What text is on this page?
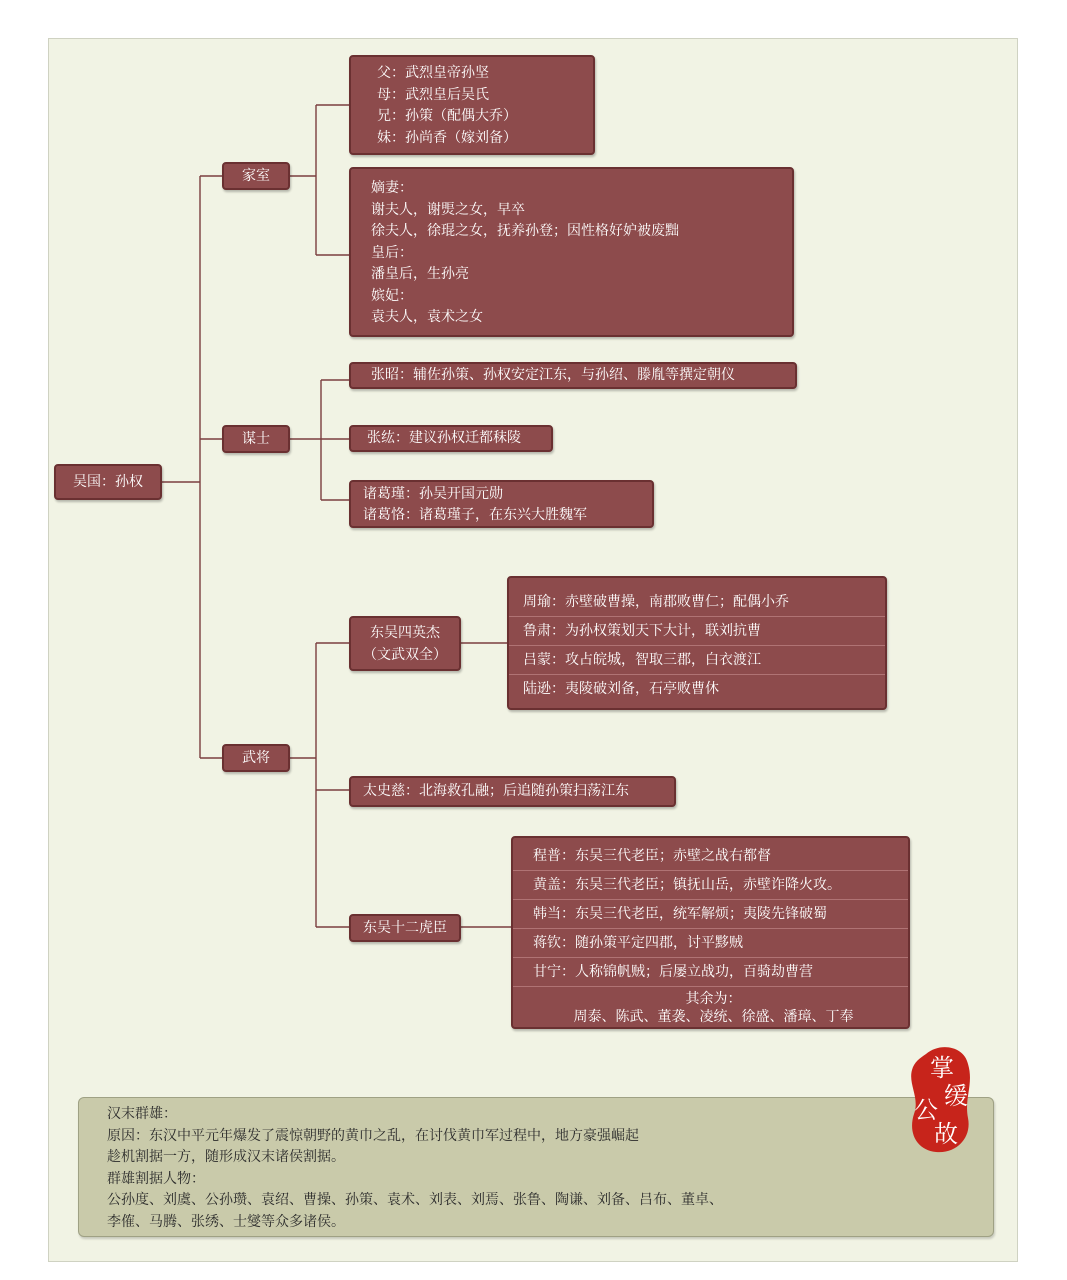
吴国：孙权
家室
谋士
武将
父：武烈皇帝孙坚
母：武烈皇后吴氏
兄：孙策（配偶大乔）
妹：孙尚香（嫁刘备）
嫡妻：
谢夫人，谢煚之女，早卒
徐夫人，徐琨之女，抚养孙登；因性格好妒被废黜
皇后：
潘皇后，生孙亮
嫔妃：
袁夫人，袁术之女
张昭：辅佐孙策、孙权安定江东，与孙绍、滕胤等撰定朝仪
张纮：建议孙权迁都秣陵
诸葛瑾：孙吴开国元勋
诸葛恪：诸葛瑾子，在东兴大胜魏军
东吴四英杰
（文武双全）
周瑜：赤壁破曹操，南郡败曹仁；配偶小乔
鲁肃：为孙权策划天下大计，联刘抗曹
吕蒙：攻占皖城，智取三郡，白衣渡江
陆逊：夷陵破刘备，石亭败曹休
太史慈：北海救孔融；后追随孙策扫荡江东
东吴十二虎臣
程普：东吴三代老臣；赤壁之战右都督
黄盖：东吴三代老臣；镇抚山岳，赤壁诈降火攻。
韩当：东吴三代老臣，统军解烦；夷陵先锋破蜀
蒋钦：随孙策平定四郡，讨平黟贼
甘宁：人称锦帆贼；后屡立战功，百骑劫曹营
其余为：
周泰、陈武、董袭、凌统、徐盛、潘璋、丁奉
汉末群雄：
原因：东汉中平元年爆发了震惊朝野的黄巾之乱，在讨伐黄巾军过程中，地方豪强崛起
趁机割据一方，随形成汉末诸侯割据。
群雄割据人物：
公孙度、刘虞、公孙瓒、袁绍、曹操、孙策、袁术、刘表、刘焉、张鲁、陶谦、刘备、吕布、董卓、
李傕、马腾、张绣、士燮等众多诸侯。
掌
缓
公
故
